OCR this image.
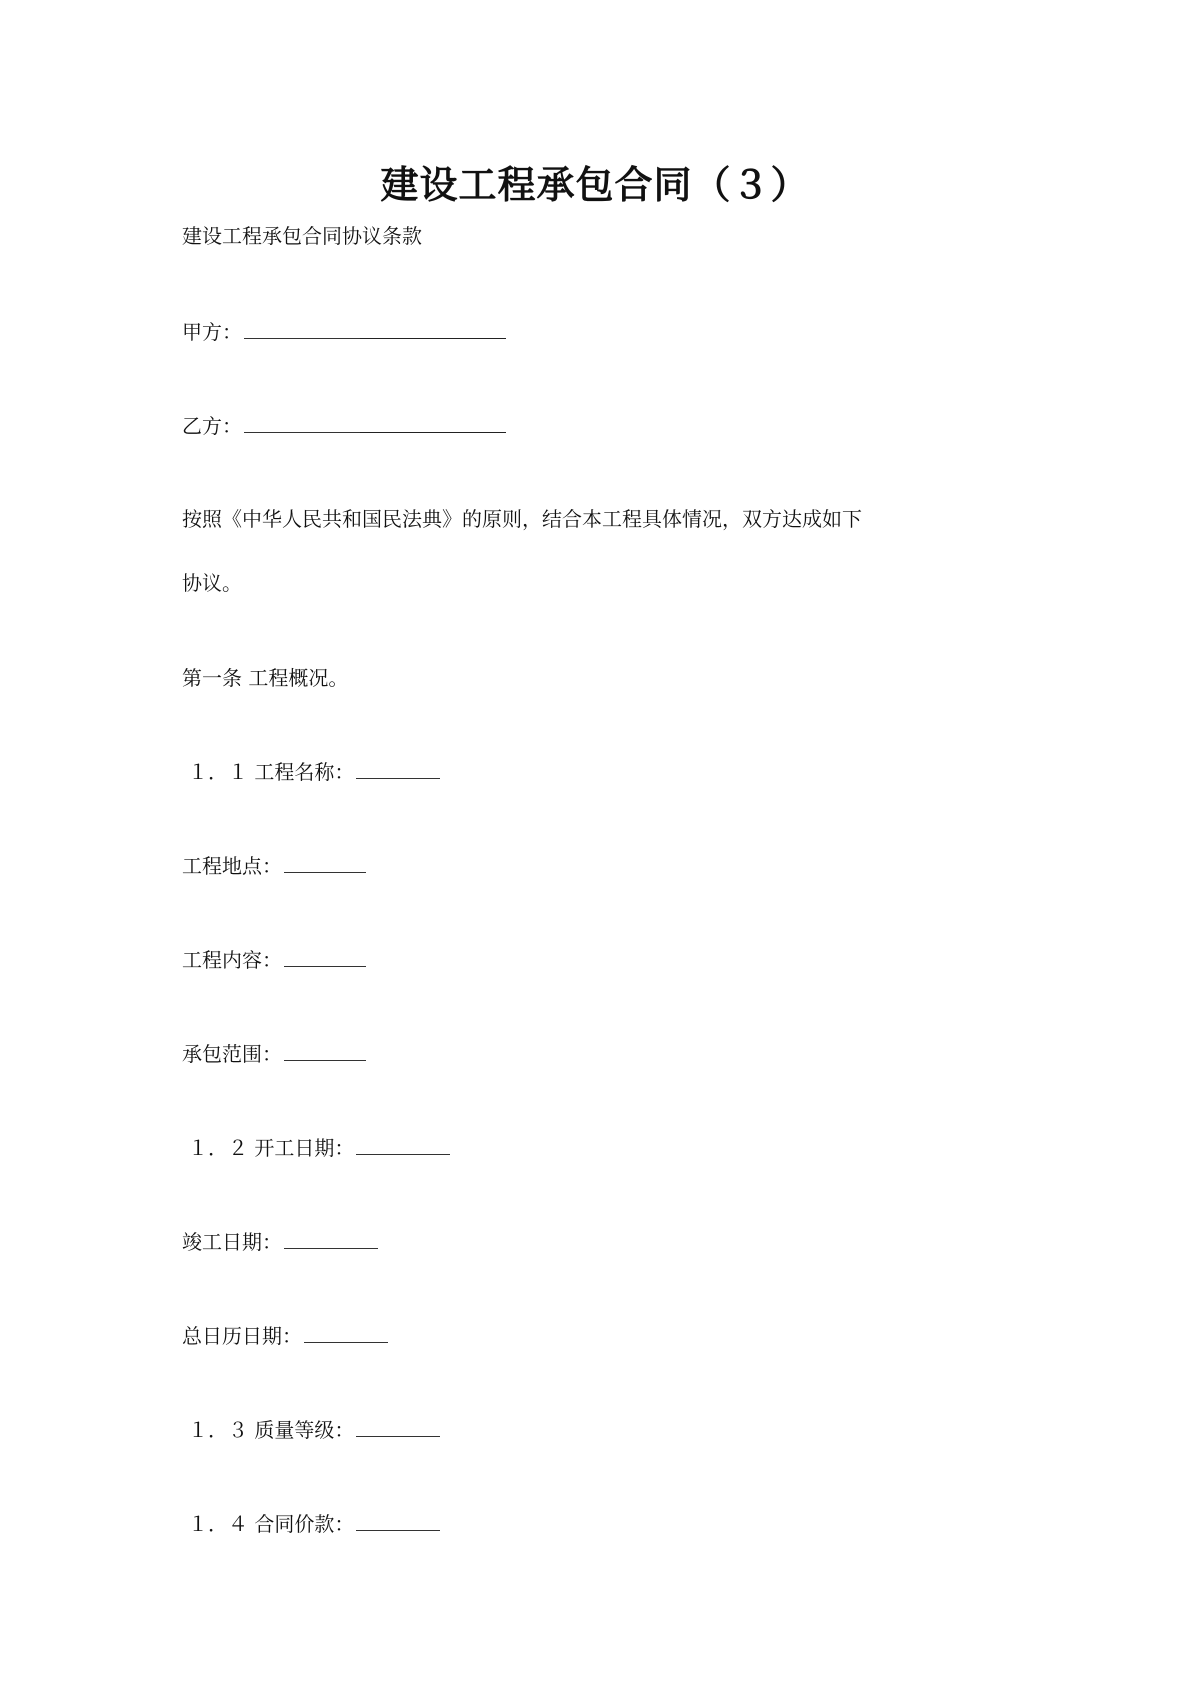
建设工程承包合同（３）
建设工程承包合同协议条款
甲方：
乙方：
按照《中华人民共和国民法典》的原则，结合本工程具体情况，双方达成如下
协议。
第一条 工程概况。
１．１ 工程名称：
工程地点：
工程内容：
承包范围：
１．２ 开工日期：
竣工日期：
总日历日期：
１．３ 质量等级：
１．４ 合同价款：
